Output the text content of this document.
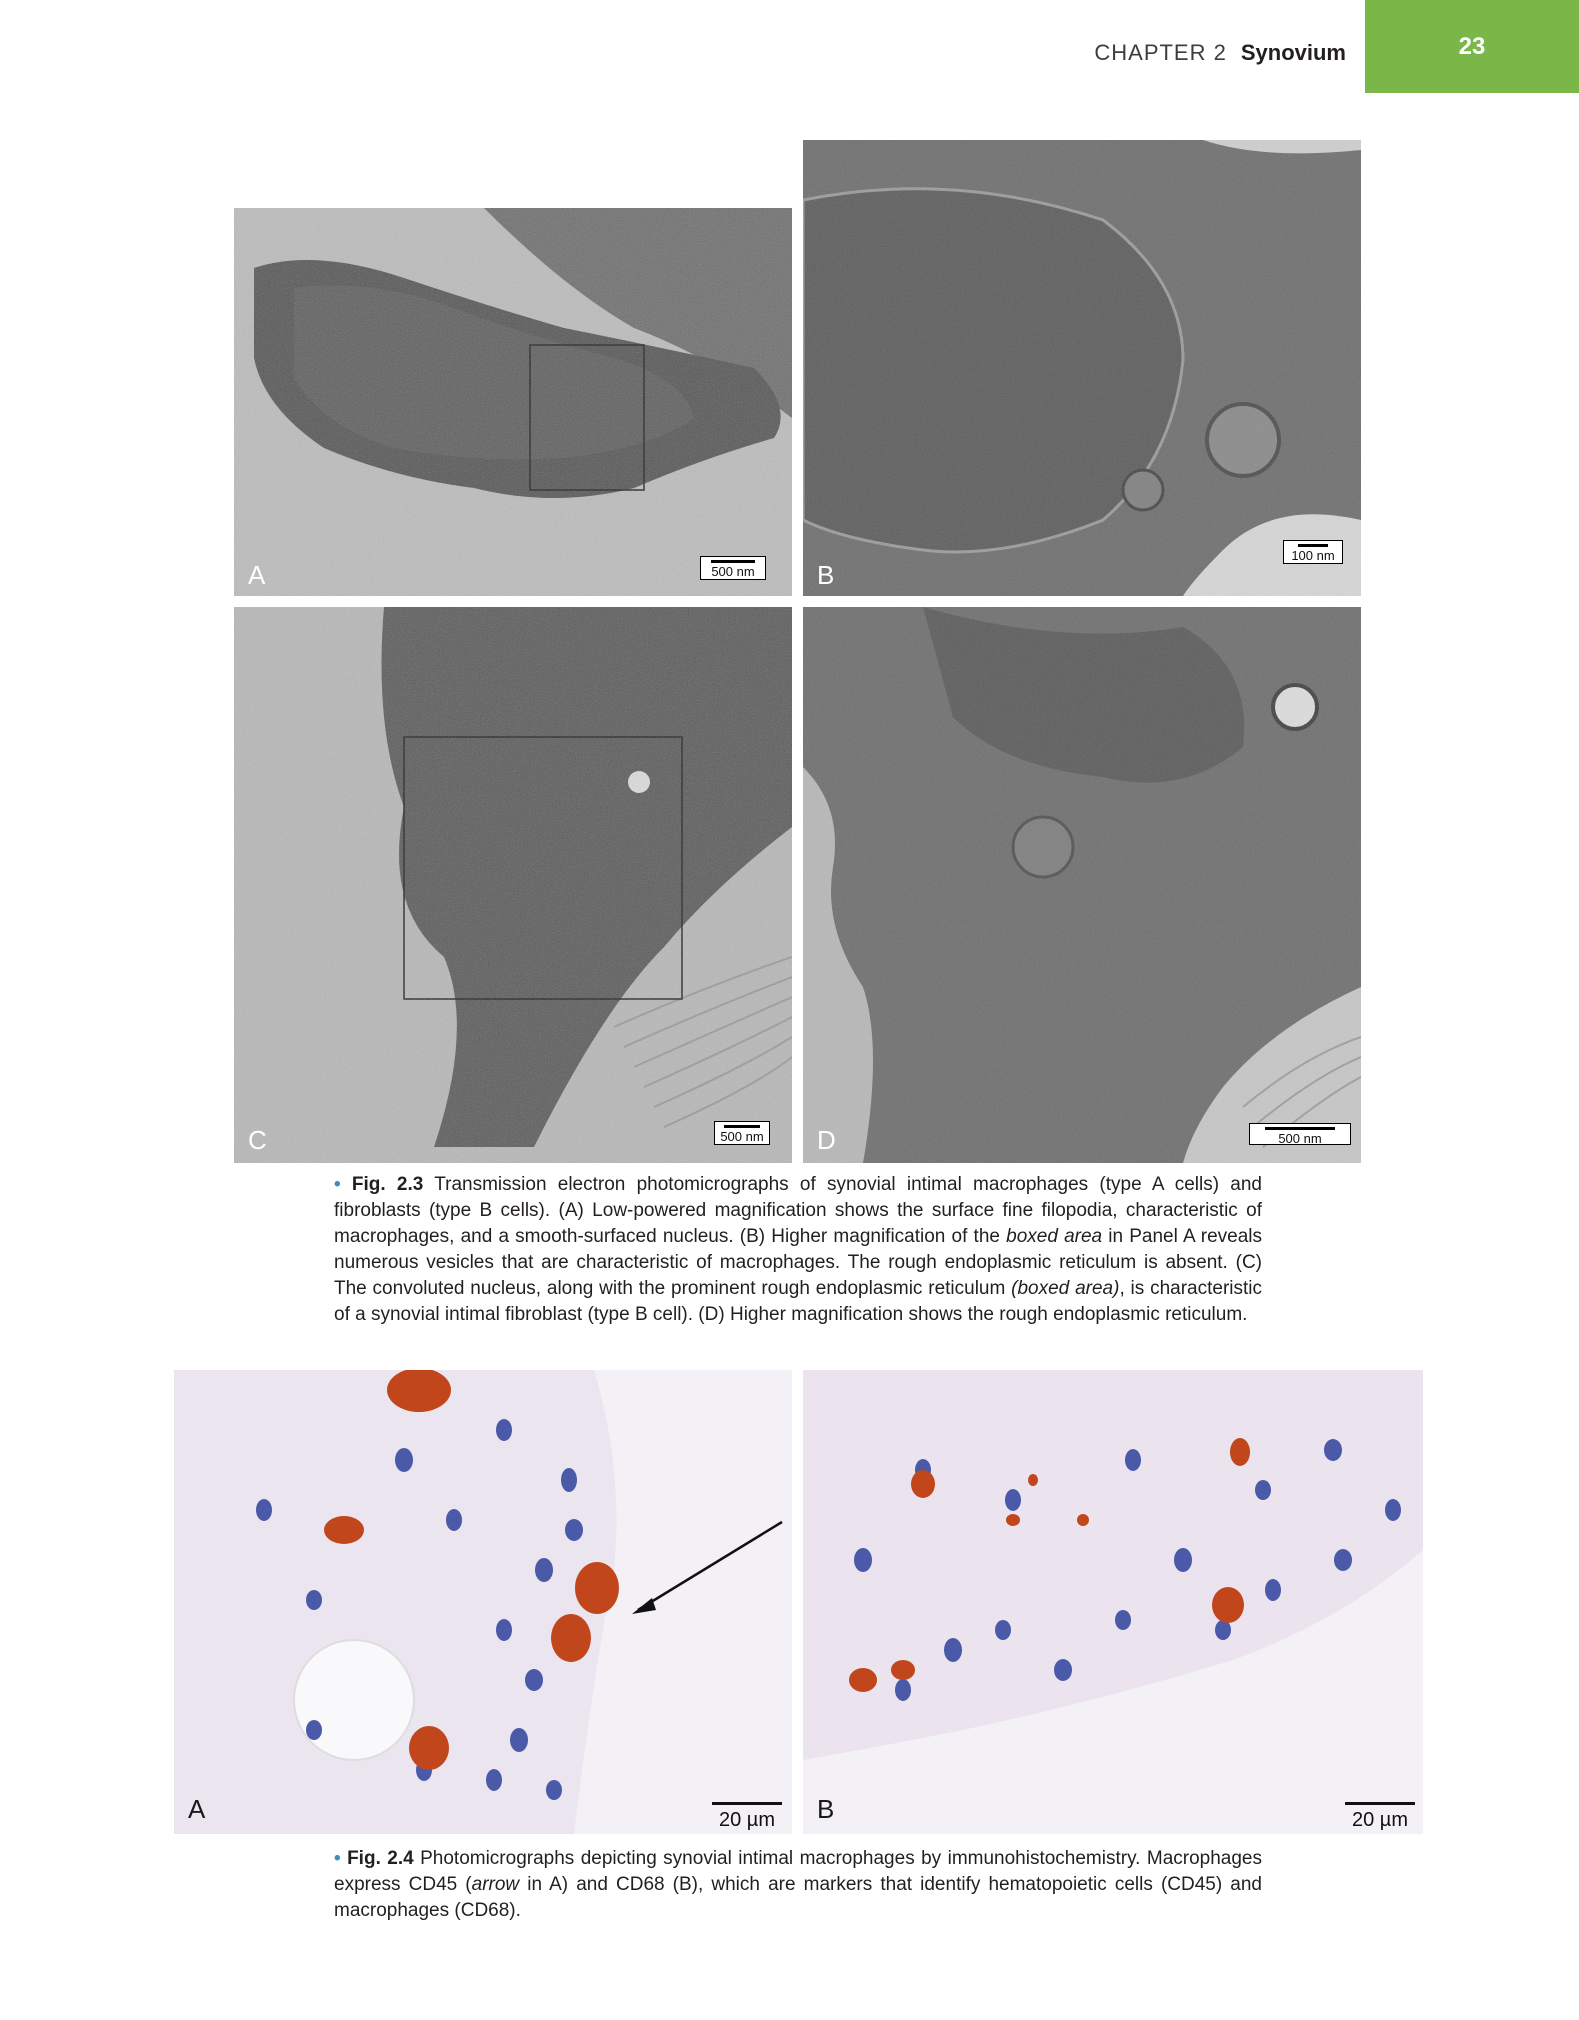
CHAPTER 2 Synovium	23
A	500 nm	B
100 nm
C	500 nm D	500 nm
• Fig. 2.3 Transmission electron photomicrographs of synovial intimal macrophages (type A cells) and fibroblasts (type B cells). (A) Low-powered magnification shows the surface fine filopodia, characteristic of macrophages, and a smooth-surfaced nucleus. (B) Higher magnification of the boxed area in Panel A reveals numerous vesicles that are characteristic of macrophages. The rough endoplasmic reticulum is absent. (C) The convoluted nucleus, along with the prominent rough endoplasmic reticulum (boxed area), is characteristic of a synovial intimal fibroblast (type B cell). (D) Higher magnification shows the rough endoplasmic reticulum.
A	20 µm B	20 µm
• Fig. 2.4 Photomicrographs depicting synovial intimal macrophages by immunohistochemistry. Macrophages express CD45 (arrow in A) and CD68 (B), which are markers that identify hematopoietic cells (CD45) and macrophages (CD68).
